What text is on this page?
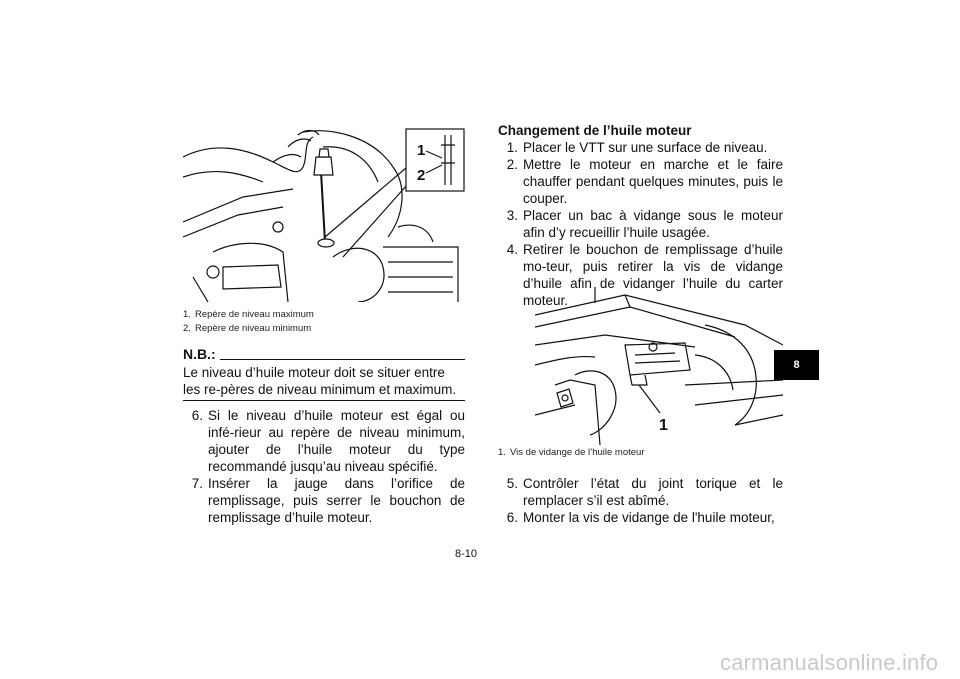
1
2
1. Repère de niveau maximum
2. Repère de niveau minimum
N.B.:
Le niveau d’huile moteur doit se situer entre les re-pères de niveau minimum et maximum.
6. Si le niveau d’huile moteur est égal ou infé-rieur au repère de niveau minimum, ajouter de l’huile moteur du type recommandé jusqu’au niveau spécifié.
7. Insérer la jauge dans l’orifice de remplissage, puis serrer le bouchon de remplissage d’huile moteur.
Changement de l’huile moteur
1. Placer le VTT sur une surface de niveau.
2. Mettre le moteur en marche et le faire chauffer pendant quelques minutes, puis le couper.
3. Placer un bac à vidange sous le moteur afin d’y recueillir l’huile usagée.
4. Retirer le bouchon de remplissage d’huile mo-teur, puis retirer la vis de vidange d’huile afin de vidanger l’huile du carter moteur.
1
1. Vis de vidange de l’huile moteur
5. Contrôler l’état du joint torique et le remplacer s’il est abîmé.
6. Monter la vis de vidange de l'huile moteur,
8
8-10
carmanualsonline.info
